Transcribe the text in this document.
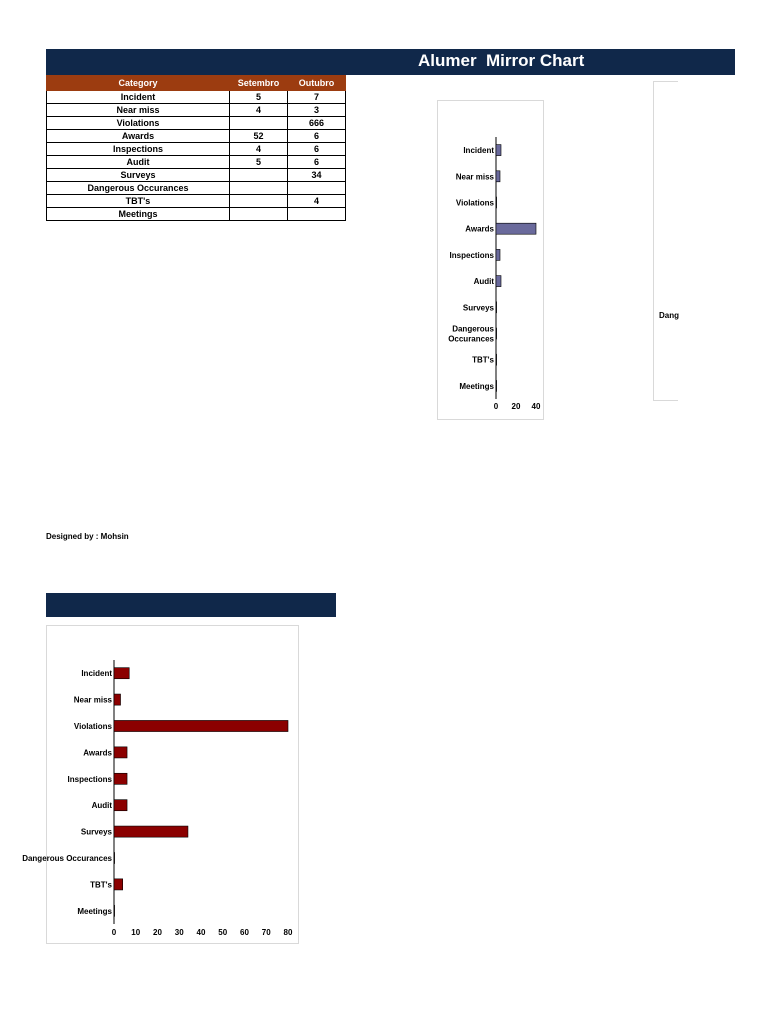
Alumer  Mirror Chart
Category	Setembro	Outubro
Incident	5	7
Near miss	4	3
Violations		666
Awards	52	6
Inspections	4	6
Audit	5	6
Surveys		34
Dangerous Occurances		
TBT's		4
Meetings		
Incident
Near miss
Violations
Awards
Inspections
Audit
Surveys
Dangerous Occurances
TBT's
Meetings
0 20 40
Dang
Designed by : Mohsin
Incident
Near miss
Violations
Awards
Inspections
Audit
Surveys
Dangerous Occurances
TBT's
Meetings
0 10 20 30 40 50 60 70 80
